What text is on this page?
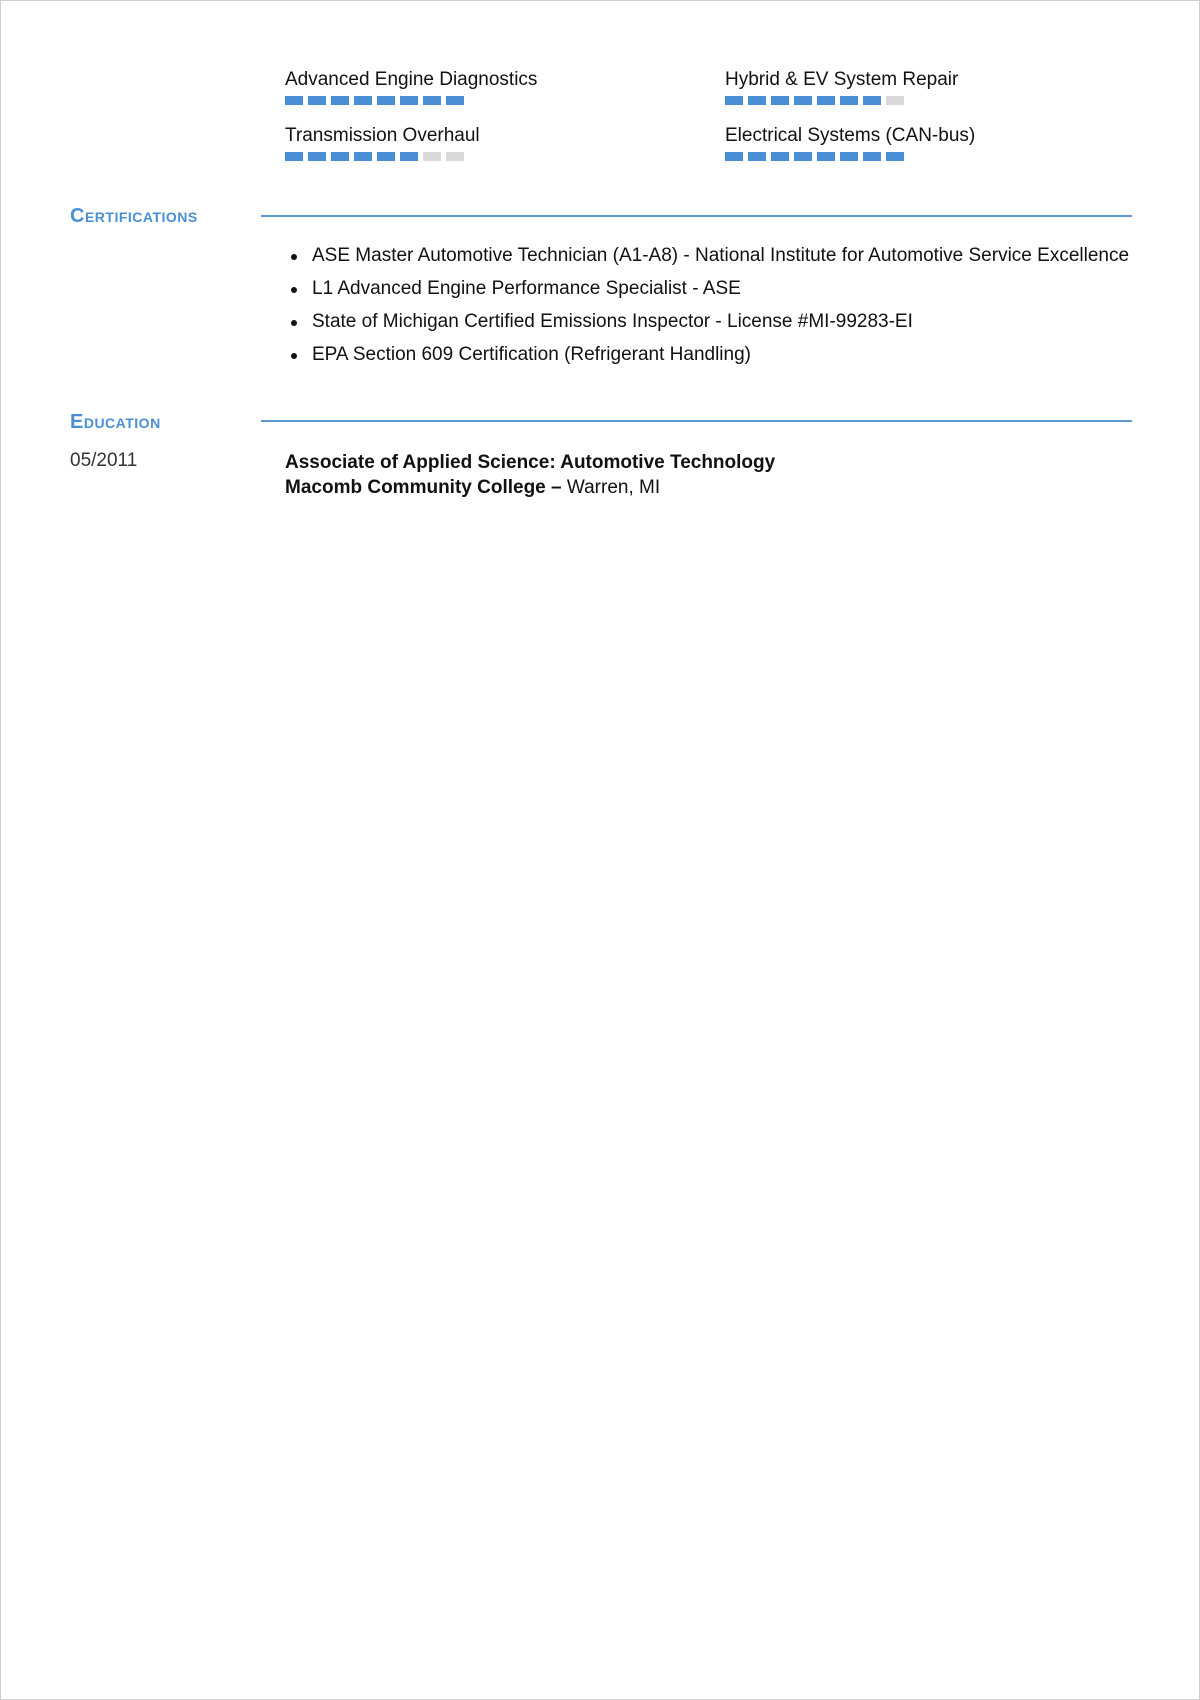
Advanced Engine Diagnostics	Hybrid & EV System Repair
Transmission Overhaul	Electrical Systems (CAN-bus)
Certifications
ASE Master Automotive Technician (A1-A8) - National Institute for Automotive Service Excellence
L1 Advanced Engine Performance Specialist - ASE
State of Michigan Certified Emissions Inspector - License #MI-99283-EI
EPA Section 609 Certification (Refrigerant Handling)
Education
05/2011	Associate of Applied Science: Automotive Technology
Macomb Community College – Warren, MI
